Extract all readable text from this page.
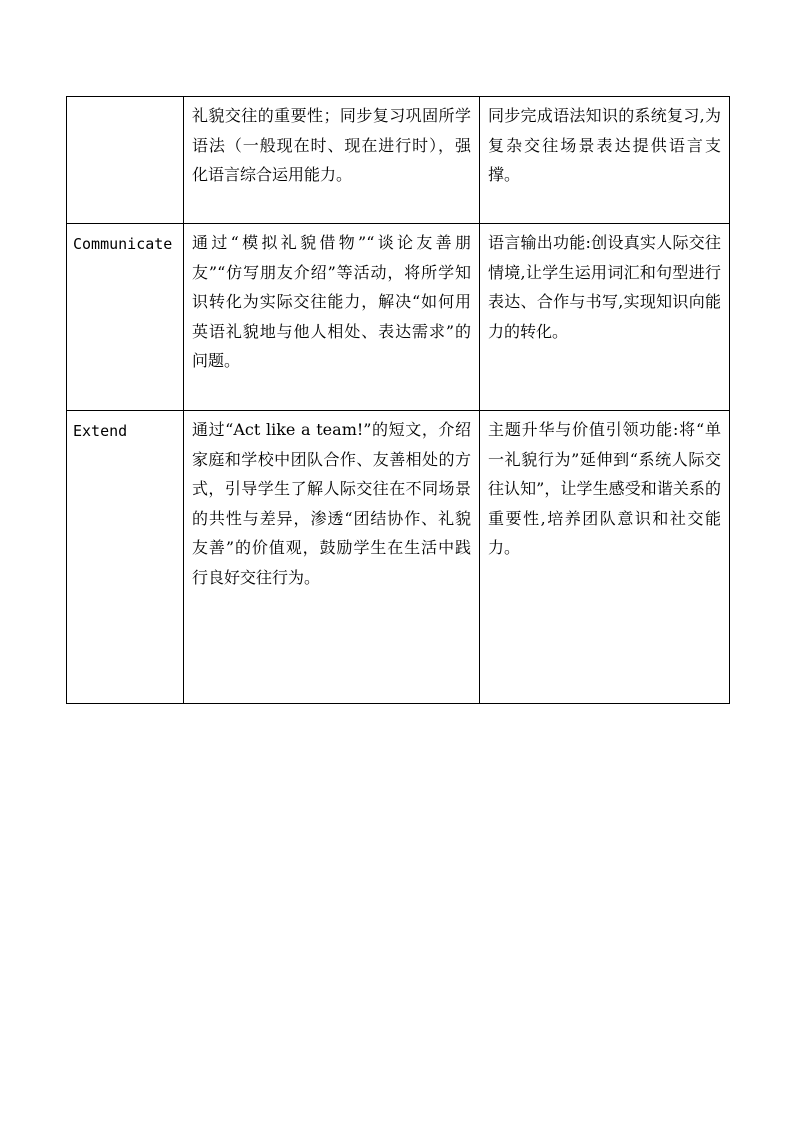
	礼貌交往的重要性；同步复习巩固所学语法（一般现在时、现在进行时），强化语言综合运用能力。	同步完成语法知识的系统复习,为复杂交往场景表达提供语言支撑。

Communicate	通过“模拟礼貌借物”“谈论友善朋友”“仿写朋友介绍”等活动，将所学知识转化为实际交往能力，解决“如何用英语礼貌地与他人相处、表达需求”的问题。	语言输出功能:创设真实人际交往情境,让学生运用词汇和句型进行表达、合作与书写,实现知识向能力的转化。

Extend	通过“Act like a team!”的短文，介绍家庭和学校中团队合作、友善相处的方式，引导学生了解人际交往在不同场景的共性与差异，渗透“团结协作、礼貌友善”的价值观，鼓励学生在生活中践行良好交往行为。	主题升华与价值引领功能:将“单一礼貌行为”延伸到“系统人际交往认知”，让学生感受和谐关系的重要性,培养团队意识和社交能力。
